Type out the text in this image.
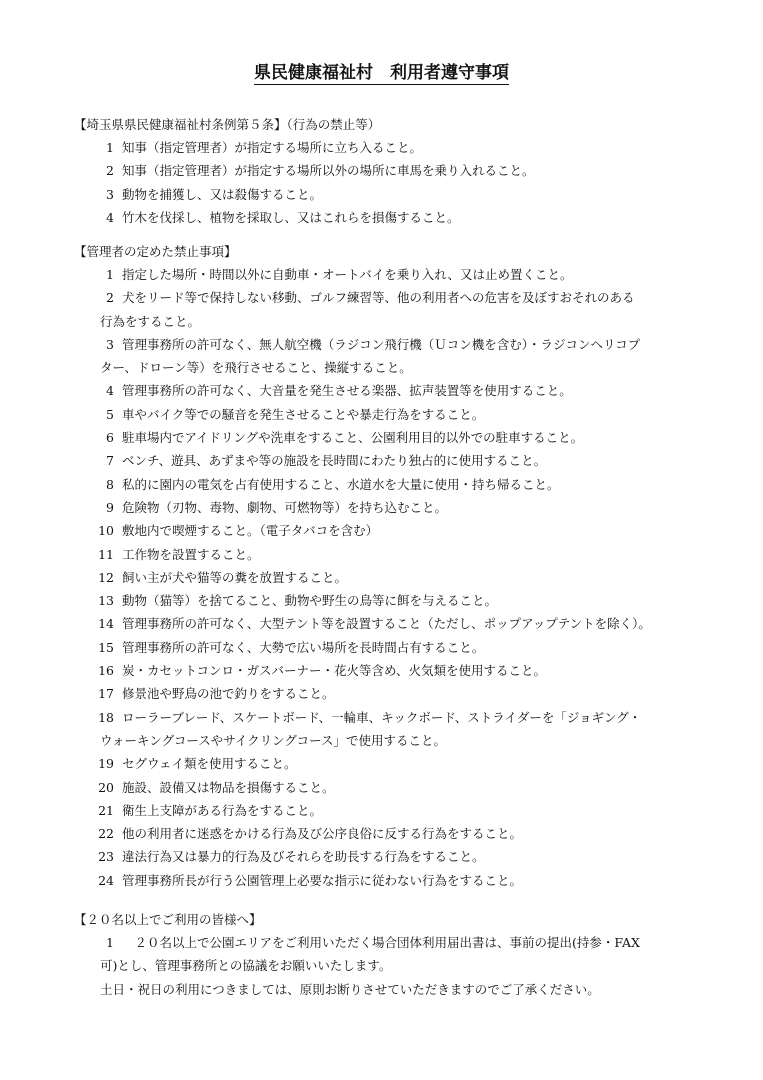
県民健康福祉村　利用者遵守事項
【埼玉県県民健康福祉村条例第５条】（行為の禁止等）
1 知事（指定管理者）が指定する場所に立ち入ること。
2 知事（指定管理者）が指定する場所以外の場所に車馬を乗り入れること。
3 動物を捕獲し、又は殺傷すること。
4 竹木を伐採し、植物を採取し、又はこれらを損傷すること。
【管理者の定めた禁止事項】
1 指定した場所・時間以外に自動車・オートバイを乗り入れ、又は止め置くこと。
2 犬をリード等で保持しない移動、ゴルフ練習等、他の利用者への危害を及ぼすおそれのある
行為をすること。
3 管理事務所の許可なく、無人航空機（ラジコン飛行機（Ｕコン機を含む）・ラジコンヘリコプ
ター、ドローン等）を飛行させること、操縦すること。
4 管理事務所の許可なく、大音量を発生させる楽器、拡声装置等を使用すること。
5 車やバイク等での騒音を発生させることや暴走行為をすること。
6 駐車場内でアイドリングや洗車をすること、公園利用目的以外での駐車すること。
7 ベンチ、遊具、あずまや等の施設を長時間にわたり独占的に使用すること。
8 私的に園内の電気を占有使用すること、水道水を大量に使用・持ち帰ること。
9 危険物（刃物、毒物、劇物、可燃物等）を持ち込むこと。
10 敷地内で喫煙すること。（電子タバコを含む）
11 工作物を設置すること。
12 飼い主が犬や猫等の糞を放置すること。
13 動物（猫等）を捨てること、動物や野生の鳥等に餌を与えること。
14 管理事務所の許可なく、大型テント等を設置すること（ただし、ポップアップテントを除く）。
15 管理事務所の許可なく、大勢で広い場所を長時間占有すること。
16 炭・カセットコンロ・ガスバーナー・花火等含め、火気類を使用すること。
17 修景池や野鳥の池で釣りをすること。
18 ローラーブレード、スケートボード、一輪車、キックボード、ストライダーを「ジョギング・
ウォーキングコースやサイクリングコース」で使用すること。
19 セグウェイ類を使用すること。
20 施設、設備又は物品を損傷すること。
21 衛生上支障がある行為をすること。
22 他の利用者に迷惑をかける行為及び公序良俗に反する行為をすること。
23 違法行為又は暴力的行為及びそれらを助長する行為をすること。
24 管理事務所長が行う公園管理上必要な指示に従わない行為をすること。
【２０名以上でご利用の皆様へ】
1 　２０名以上で公園エリアをご利用いただく場合団体利用届出書は、事前の提出(持参・FAX
可)とし、管理事務所との協議をお願いいたします。
土日・祝日の利用につきましては、原則お断りさせていただきますのでご了承ください。
